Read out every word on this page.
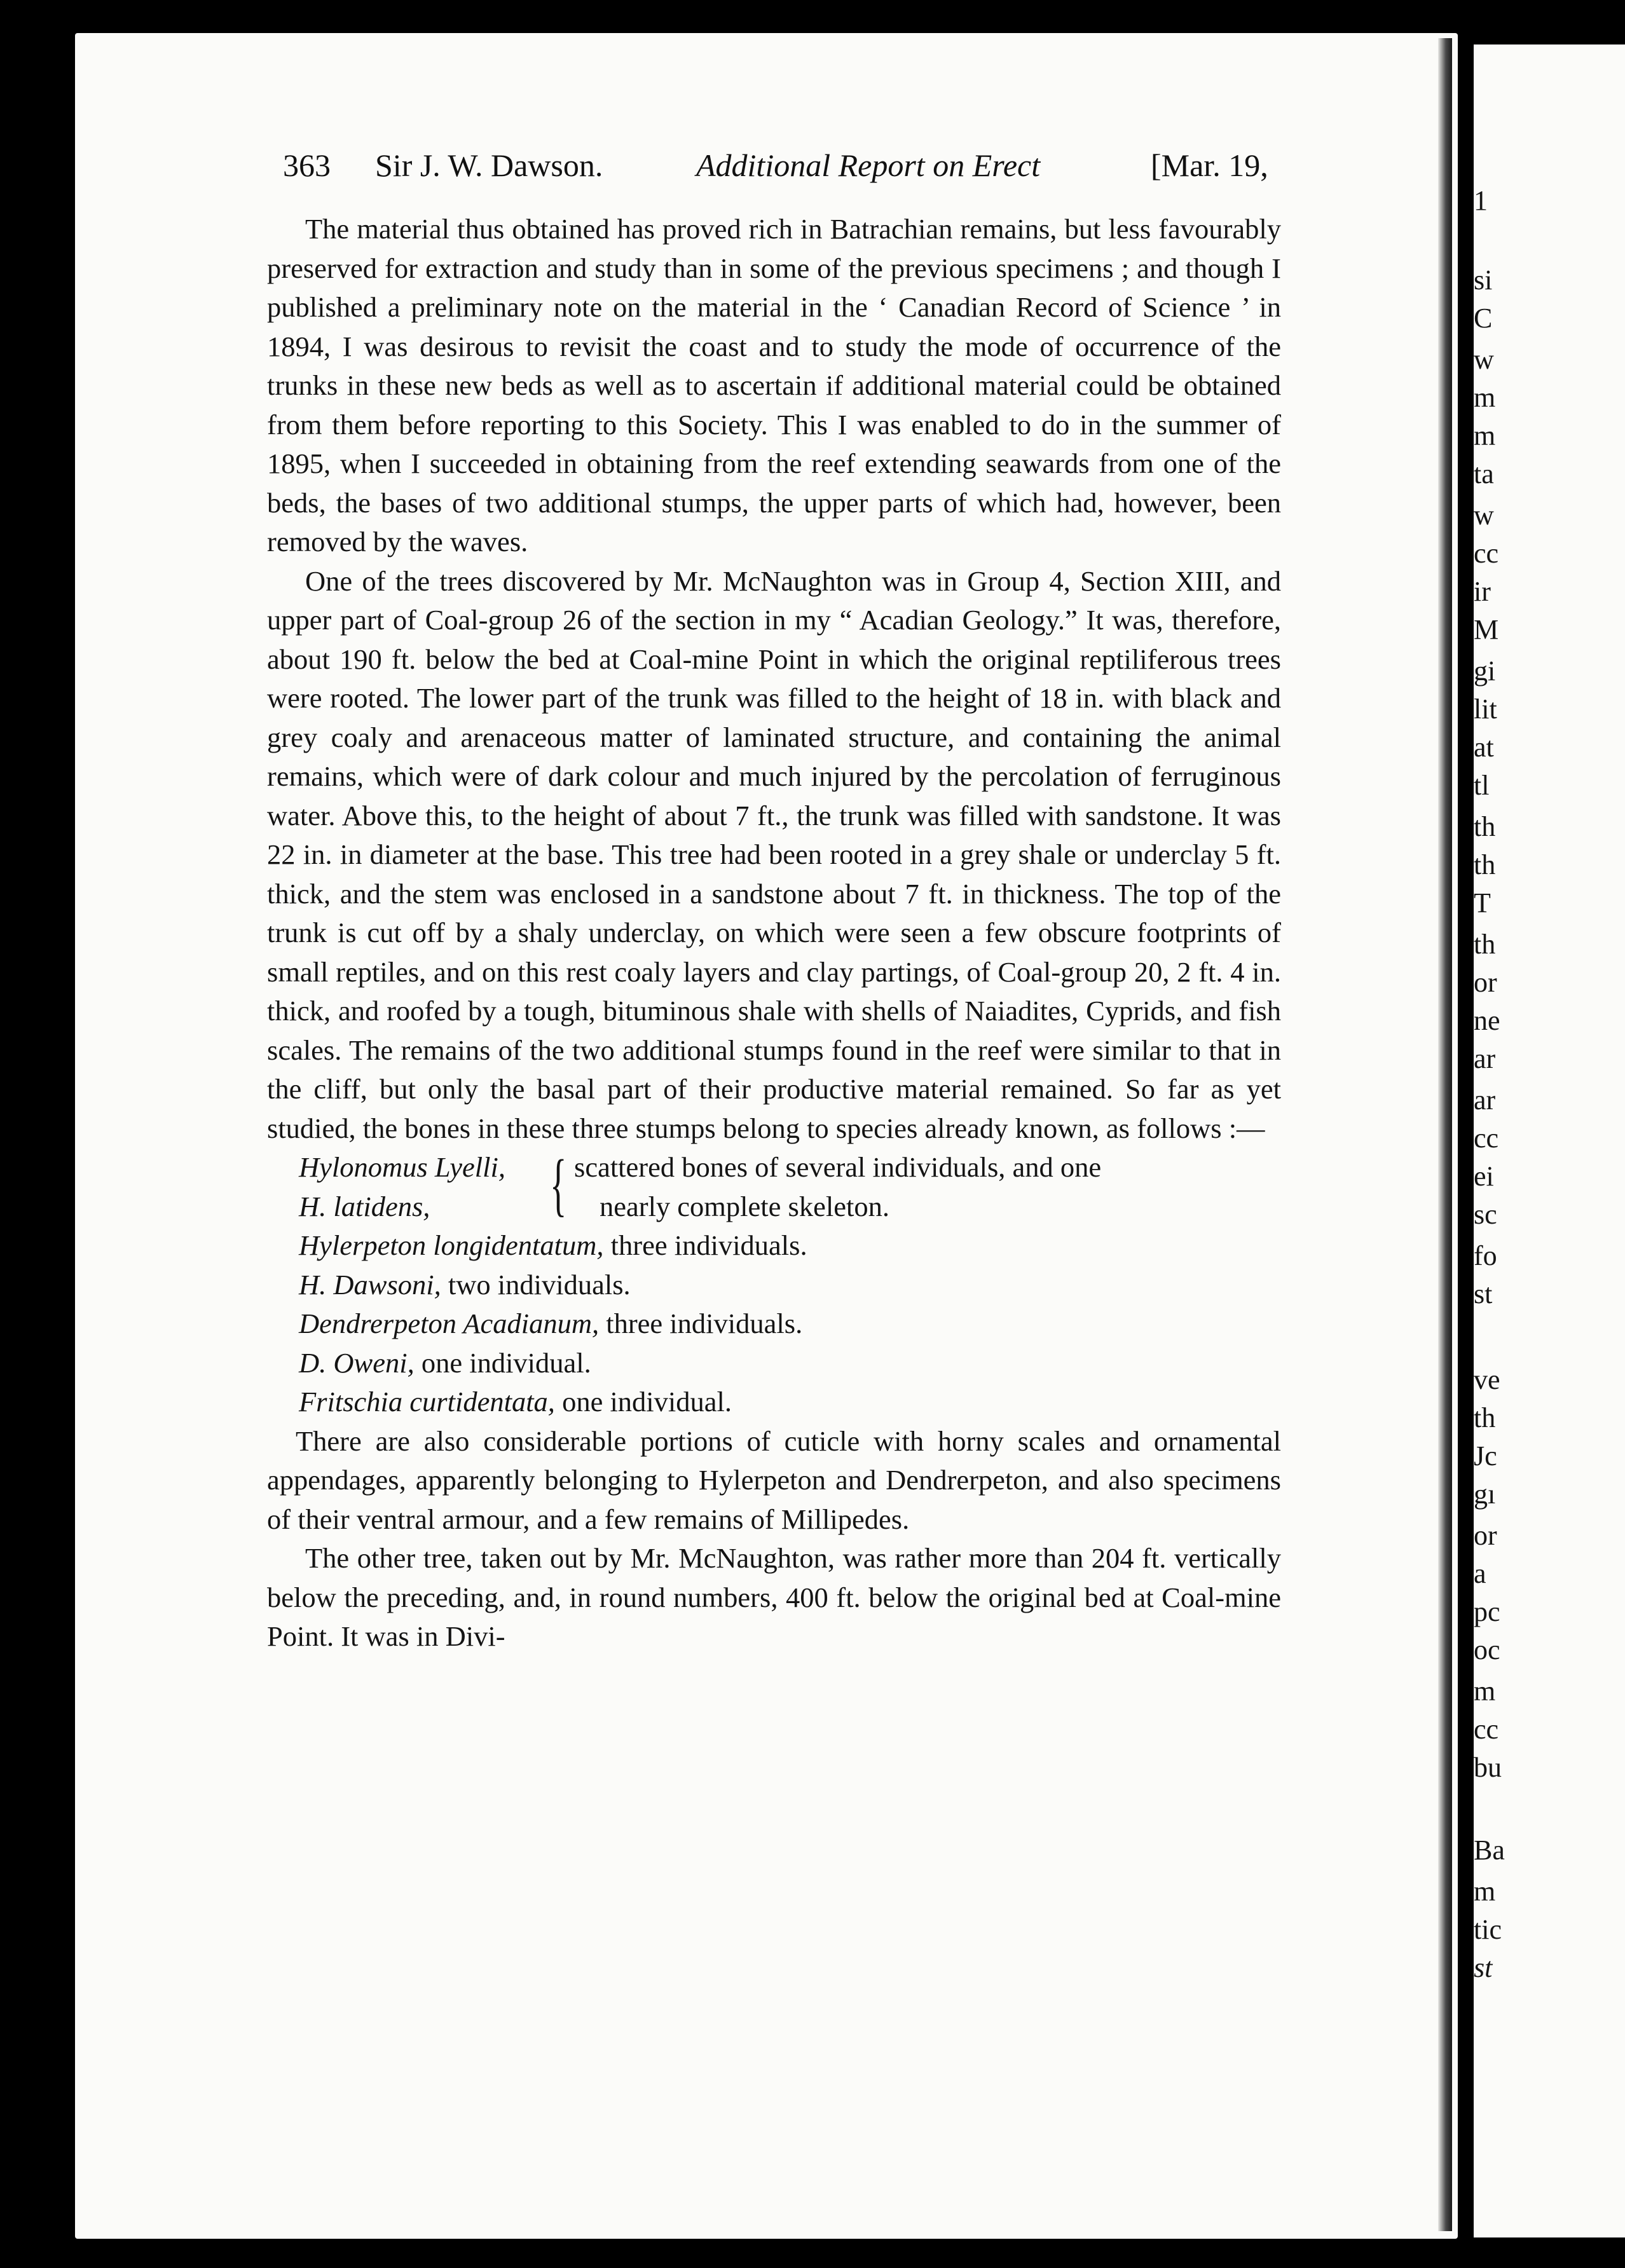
1
si
C
w
m
m
ta
w
cc
ir
M
gi
lit
at
tl
th
th
T
th
or
ne
ar
ar
cc
ei
sc
fo
st
ve
th
Jc
gı
or
a
pc
oc
m
cc
bu
Ba
m
tic
st
363 Sir J. W. Dawson.	Additional Report on Erect	[Mar. 19,

The material thus obtained has proved rich in Batrachian remains, but less favourably preserved for extraction and study than in some of the previous specimens ; and though I published a preliminary note on the material in the ‘ Canadian Record of Science ’ in 1894, I was desirous to revisit the coast and to study the mode of occurrence of the trunks in these new beds as well as to ascertain if additional material could be obtained from them before reporting to this Society. This I was enabled to do in the summer of 1895, when I succeeded in obtaining from the reef extending seawards from one of the beds, the bases of two additional stumps, the upper parts of which had, however, been removed by the waves.

One of the trees discovered by Mr. McNaughton was in Group 4, Section XIII, and upper part of Coal-group 26 of the section in my “ Acadian Geology.” It was, therefore, about 190 ft. below the bed at Coal-mine Point in which the original reptiliferous trees were rooted. The lower part of the trunk was filled to the height of 18 in. with black and grey coaly and arenaceous matter of laminated structure, and containing the animal remains, which were of dark colour and much injured by the percolation of ferruginous water. Above this, to the height of about 7 ft., the trunk was filled with sandstone. It was 22 in. in diameter at the base. This tree had been rooted in a grey shale or underclay 5 ft. thick, and the stem was enclosed in a sandstone about 7 ft. in thickness. The top of the trunk is cut off by a shaly underclay, on which were seen a few obscure footprints of small reptiles, and on this rest coaly layers and clay partings, of Coal-group 20, 2 ft. 4 in. thick, and roofed by a tough, bituminous shale with shells of Naiadites, Cyprids, and fish scales. The remains of the two additional stumps found in the reef were similar to that in the cliff, but only the basal part of their productive material remained. So far as yet studied, the bones in these three stumps belong to species already known, as follows :—

Hylonomus Lyelli,
H. latidens,	{ scattered bones of several individuals, and one
nearly complete skeleton.
Hylerpeton longidentatum, three individuals.
H. Dawsoni, two individuals.
Dendrerpeton Acadianum, three individuals.
D. Oweni, one individual.
Fritschia curtidentata, one individual.

There are also considerable portions of cuticle with horny scales and ornamental appendages, apparently belonging to Hylerpeton and Dendrerpeton, and also specimens of their ventral armour, and a few remains of Millipedes.

The other tree, taken out by Mr. McNaughton, was rather more than 204 ft. vertically below the preceding, and, in round numbers, 400 ft. below the original bed at Coal-mine Point. It was in Divi-
